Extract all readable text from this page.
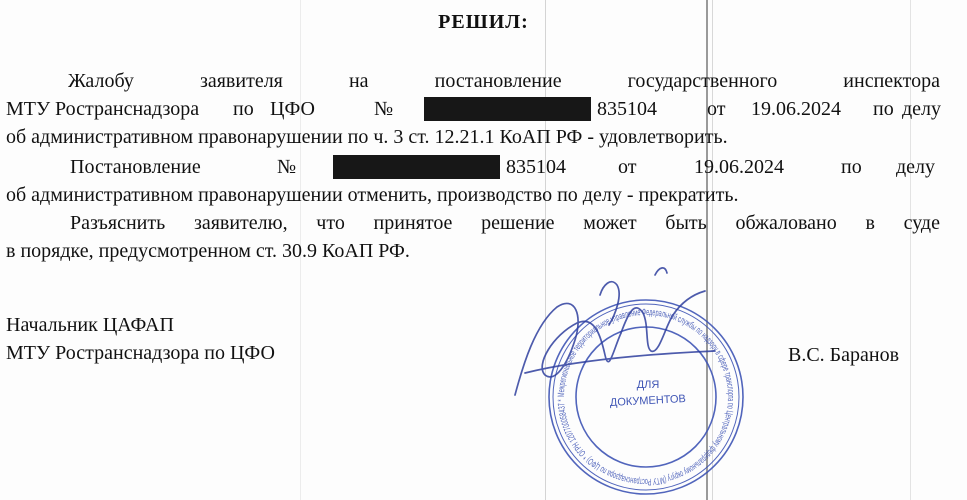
РЕШИЛ:
Жалобу	заявителя	на	постановление	государственного	инспектора
МТУ Ространснадзора по ЦФО	№	835104	от 19.06.2024 по делу
об административном правонарушении по ч. 3 ст. 12.21.1 КоАП РФ - удовлетворить.
Постановление	№	835104	от	19.06.2024	по делу
об административном правонарушении отменить, производство по делу - прекратить.
Разъяснить заявителю, что принятое решение может быть обжаловано в суде
в порядке, предусмотренном ст. 30.9 КоАП РФ.
Начальник ЦАФАП
МТУ Ространснадзора по ЦФО	В.С. Баранов
Межрегиональное территориальное управление Федеральной службы по надзору в сфере транспорта по Центральному федеральному округу (МТУ Ространснадзора по ЦФО) * ОГРН 1207700058437 *
ДЛЯ
ДОКУМЕНТОВ
